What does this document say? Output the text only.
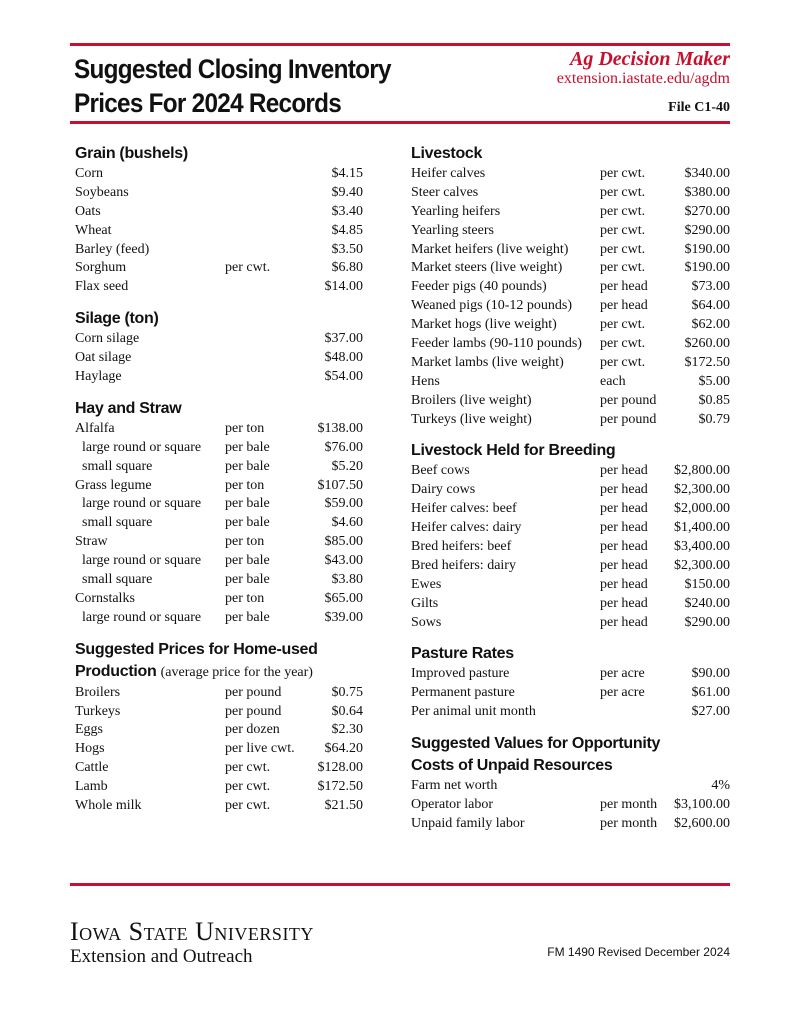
Suggested Closing Inventory
Prices For 2024 Records
Ag Decision Maker
extension.iastate.edu/agdm
File C1-40
Grain (bushels)
Corn	$4.15
Soybeans	$9.40
Oats	$3.40
Wheat	$4.85
Barley (feed)	$3.50
Sorghum	per cwt.	$6.80
Flax seed	$14.00
Silage (ton)
Corn silage	$37.00
Oat silage	$48.00
Haylage	$54.00
Hay and Straw
Alfalfa	per ton	$138.00
large round or square	per bale	$76.00
small square	per bale	$5.20
Grass legume	per ton	$107.50
large round or square	per bale	$59.00
small square	per bale	$4.60
Straw	per ton	$85.00
large round or square	per bale	$43.00
small square	per bale	$3.80
Cornstalks	per ton	$65.00
large round or square	per bale	$39.00
Suggested Prices for Home-used
Production (average price for the year)
Broilers	per pound	$0.75
Turkeys	per pound	$0.64
Eggs	per dozen	$2.30
Hogs	per live cwt.	$64.20
Cattle	per cwt.	$128.00
Lamb	per cwt.	$172.50
Whole milk	per cwt.	$21.50
Livestock
Heifer calves	per cwt.	$340.00
Steer calves	per cwt.	$380.00
Yearling heifers	per cwt.	$270.00
Yearling steers	per cwt.	$290.00
Market heifers (live weight)	per cwt.	$190.00
Market steers (live weight)	per cwt.	$190.00
Feeder pigs (40 pounds)	per head	$73.00
Weaned pigs (10-12 pounds)	per head	$64.00
Market hogs (live weight)	per cwt.	$62.00
Feeder lambs (90-110 pounds)	per cwt.	$260.00
Market lambs (live weight)	per cwt.	$172.50
Hens	each	$5.00
Broilers (live weight)	per pound	$0.85
Turkeys (live weight)	per pound	$0.79
Livestock Held for Breeding
Beef cows	per head	$2,800.00
Dairy cows	per head	$2,300.00
Heifer calves: beef	per head	$2,000.00
Heifer calves: dairy	per head	$1,400.00
Bred heifers: beef	per head	$3,400.00
Bred heifers: dairy	per head	$2,300.00
Ewes	per head	$150.00
Gilts	per head	$240.00
Sows	per head	$290.00
Pasture Rates
Improved pasture	per acre	$90.00
Permanent pasture	per acre	$61.00
Per animal unit month	$27.00
Suggested Values for Opportunity
Costs of Unpaid Resources
Farm net worth	4%
Operator labor	per month	$3,100.00
Unpaid family labor	per month	$2,600.00
Iowa State University
Extension and Outreach	FM 1490 Revised December 2024
